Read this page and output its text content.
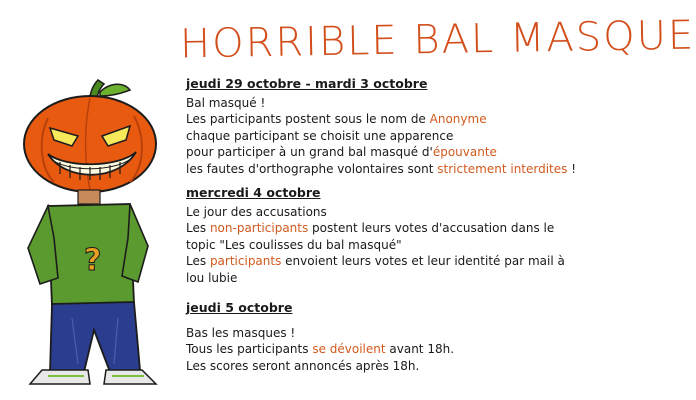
HORRIBLE BAL MASQUE
?
jeudi 29 octobre - mardi 3 octobre
Bal masqué !
Les participants postent sous le nom de Anonyme
chaque participant se choisit une apparence
pour participer à un grand bal masqué d'épouvante
les fautes d'orthographe volontaires sont strictement interdites !
mercredi 4 octobre
Le jour des accusations
Les non-participants postent leurs votes d'accusation dans le
topic "Les coulisses du bal masqué"
Les participants envoient leurs votes et leur identité par mail à
lou lubie
jeudi 5 octobre
Bas les masques !
Tous les participants se dévoilent avant 18h.
Les scores seront annoncés après 18h.
